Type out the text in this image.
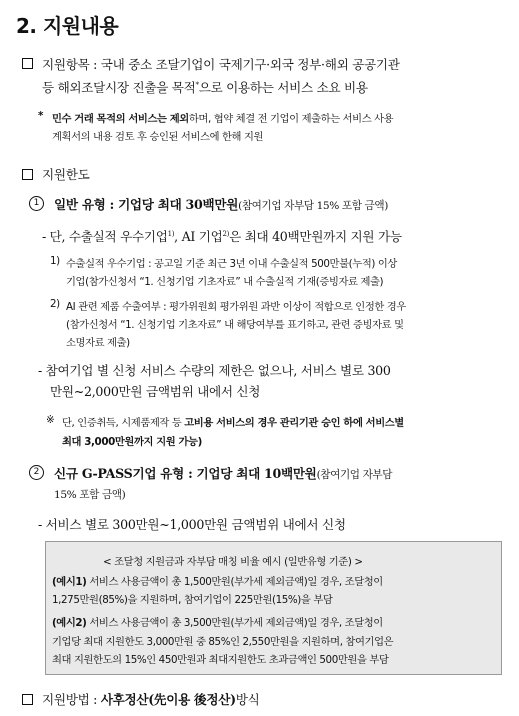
2. 지원내용
지원항목 : 국내 중소 조달기업이 국제기구·외국 정부·해외 공공기관
등 해외조달시장 진출을 목적*으로 이용하는 서비스 소요 비용
* 민수 거래 목적의 서비스는 제외하며, 협약 체결 전 기업이 제출하는 서비스 사용
계획서의 내용 검토 후 승인된 서비스에 한해 지원
지원한도
1	일반 유형 : 기업당 최대 30백만원(참여기업 자부담 15% 포함 금액)
- 단, 수출실적 우수기업$^{1)}$, AI 기업$^{2)}$은 최대 40백만원까지 지원 가능
1) 수출실적 우수기업 : 공고일 기준 최근 3년 이내 수출실적 500만불(누적) 이상
기업(참가신청서 “1. 신청기업 기초자료” 내 수출실적 기재(증빙자료 제출)
2) AI 관련 제품 수출여부 : 평가위원회 평가위원 과반 이상이 적합으로 인정한 경우
(참가신청서 “1. 신청기업 기초자료” 내 해당여부를 표기하고, 관련 증빙자료 및
소명자료 제출)
- 참여기업 별 신청 서비스 수량의 제한은 없으나, 서비스 별로 300
만원~2,000만원 금액범위 내에서 신청
※ 단, 인증취득, 시제품제작 등 고비용 서비스의 경우 관리기관 승인 하에 서비스별
최대 3,000만원까지 지원 가능)
2	신규 G-PASS기업 유형 : 기업당 최대 10백만원(참여기업 자부담
15% 포함 금액)
- 서비스 별로 300만원~1,000만원 금액범위 내에서 신청
< 조달청 지원금과 자부담 매칭 비율 예시 (일반유형 기준) >
(예시1) 서비스 사용금액이 총 1,500만원(부가세 제외금액)일 경우, 조달청이
1,275만원(85%)을 지원하며, 참여기업이 225만원(15%)을 부담
(예시2) 서비스 사용금액이 총 3,500만원(부가세 제외금액)일 경우, 조달청이
기업당 최대 지원한도 3,000만원 중 85%인 2,550만원을 지원하며, 참여기업은
최대 지원한도의 15%인 450만원과 최대지원한도 초과금액인 500만원을 부담
지원방법 : 사후정산(先이용 後정산)방식
